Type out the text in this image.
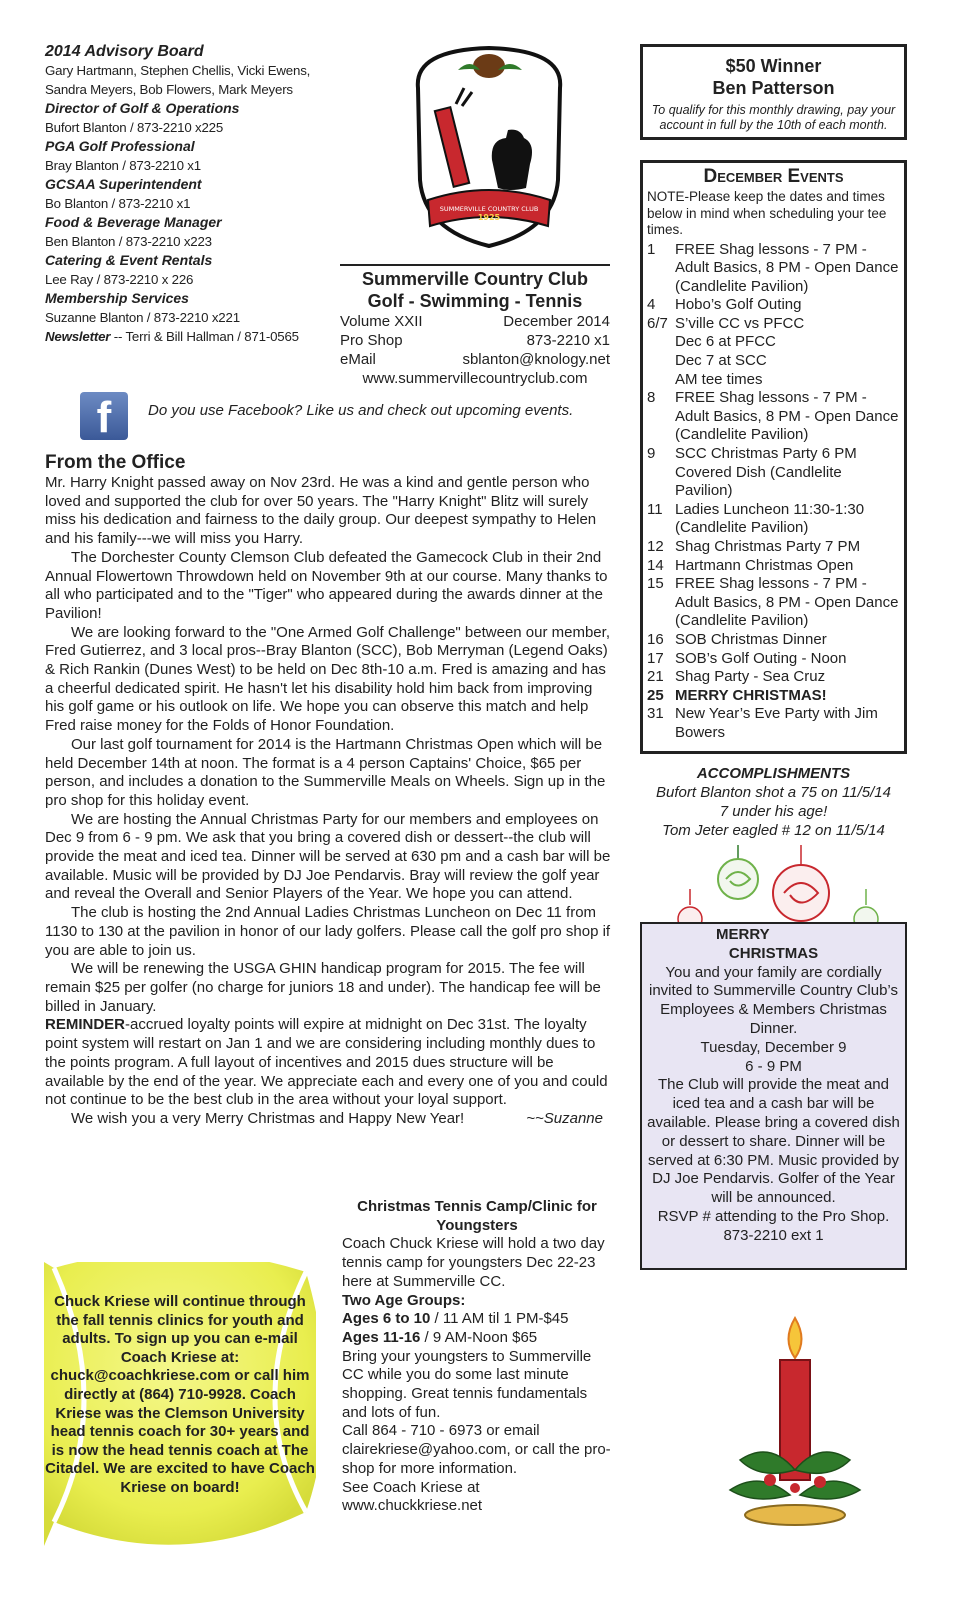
2014 Advisory Board
Gary Hartmann, Stephen Chellis, Vicki Ewens, Sandra Meyers, Bob Flowers, Mark Meyers
Director of Golf & Operations
Bufort Blanton / 873-2210 x225
PGA Golf Professional
Bray Blanton / 873-2210 x1
GCSAA Superintendent
Bo Blanton / 873-2210 x1
Food & Beverage Manager
Ben Blanton / 873-2210 x223
Catering & Event Rentals
Lee Ray / 873-2210 x 226
Membership Services
Suzanne Blanton / 873-2210 x221
Newsletter -- Terri & Bill Hallman / 871-0565
SUMMERVILLE COUNTRY CLUB
1925
Summerville Country Club
Golf - Swimming - Tennis
Volume XXII	December 2014
Pro Shop	873-2210 x1
eMail	sblanton@knology.net
www.summervillecountryclub.com
f	Do you use Facebook? Like us and check out upcoming events.
From the Office

Mr. Harry Knight passed away on Nov 23rd. He was a kind and gentle person who loved and supported the club for over 50 years. The "Harry Knight" Blitz will surely miss his dedication and fairness to the daily group. Our deepest sympathy to Helen and his family---we will miss you Harry.

The Dorchester County Clemson Club defeated the Gamecock Club in their 2nd Annual Flowertown Throwdown held on November 9th at our course. Many thanks to all who participated and to the "Tiger" who appeared during the awards dinner at the Pavilion!

We are looking forward to the "One Armed Golf Challenge" between our member, Fred Gutierrez, and 3 local pros--Bray Blanton (SCC), Bob Merryman (Legend Oaks) & Rich Rankin (Dunes West) to be held on Dec 8th-10 a.m. Fred is amazing and has a cheerful dedicated spirit. He hasn't let his disability hold him back from improving his golf game or his outlook on life. We hope you can observe this match and help Fred raise money for the Folds of Honor Foundation.

Our last golf tournament for 2014 is the Hartmann Christmas Open which will be held December 14th at noon. The format is a 4 person Captains' Choice, $65 per person, and includes a donation to the Summerville Meals on Wheels. Sign up in the pro shop for this holiday event.

We are hosting the Annual Christmas Party for our members and employees on Dec 9 from 6 - 9 pm. We ask that you bring a covered dish or dessert--the club will provide the meat and iced tea. Dinner will be served at 630 pm and a cash bar will be available. Music will be provided by DJ Joe Pendarvis. Bray will review the golf year and reveal the Overall and Senior Players of the Year. We hope you can attend.

The club is hosting the 2nd Annual Ladies Christmas Luncheon on Dec 11 from 1130 to 130 at the pavilion in honor of our lady golfers. Please call the golf pro shop if you are able to join us.

We will be renewing the USGA GHIN handicap program for 2015. The fee will remain $25 per golfer (no charge for juniors 18 and under). The handicap fee will be billed in January.

REMINDER-accrued loyalty points will expire at midnight on Dec 31st. The loyalty point system will restart on Jan 1 and we are considering including monthly dues to the points program. A full layout of incentives and 2015 dues structure will be available by the end of the year. We appreciate each and every one of you and could not continue to be the best club in the area without your loyal support.

We wish you a very Merry Christmas and Happy New Year!	~~Suzanne

$50 Winner
Ben Patterson
To qualify for this monthly drawing, pay your account in full by the 10th of each month.
December Events
NOTE-Please keep the dates and times below in mind when scheduling your tee times.
1	FREE Shag lessons - 7 PM - Adult Basics, 8 PM - Open Dance (Candlelite Pavilion)
4	Hobo’s Golf Outing
6/7 S’ville CC vs PFCC
Dec 6 at PFCC
Dec 7 at SCC
AM tee times
8	FREE Shag lessons - 7 PM - Adult Basics, 8 PM - Open Dance (Candlelite Pavilion)
9	SCC Christmas Party 6 PM Covered Dish (Candlelite Pavilion)
11 Ladies Luncheon 11:30-1:30 (Candlelite Pavilion)
12 Shag Christmas Party 7 PM
14 Hartmann Christmas Open
15 FREE Shag lessons - 7 PM - Adult Basics, 8 PM - Open Dance (Candlelite Pavilion)
16 SOB Christmas Dinner
17 SOB’s Golf Outing - Noon
21 Shag Party - Sea Cruz
25 MERRY CHRISTMAS!
31 New Year’s Eve Party with Jim Bowers
ACCOMPLISHMENTS
Bufort Blanton shot a 75 on 11/5/14
7 under his age!
Tom Jeter eagled # 12 on 11/5/14
MERRY
CHRISTMAS
You and your family are cordially invited to Summerville Country Club’s Employees & Members Christmas Dinner.
Tuesday, December 9
6 - 9 PM
The Club will provide the meat and iced tea and a cash bar will be available. Please bring a covered dish or dessert to share. Dinner will be served at 6:30 PM. Music provided by DJ Joe Pendarvis. Golfer of the Year will be announced.
RSVP # attending to the Pro Shop. 873-2210 ext 1
Christmas Tennis Camp/Clinic for Youngsters
Coach Chuck Kriese will hold a two day tennis camp for youngsters Dec 22-23 here at Summerville CC.
Two Age Groups:
Ages 6 to 10 / 11 AM til 1 PM-$45
Ages 11-16 / 9 AM-Noon $65
Bring your youngsters to Summerville CC while you do some last minute shopping. Great tennis fundamentals and lots of fun.
Call 864 - 710 - 6973 or email clairekriese@yahoo.com, or call the pro-shop for more information.
See Coach Kriese at www.chuckkriese.net
Chuck Kriese will continue through the fall tennis clinics for youth and adults. To sign up you can e-mail Coach Kriese at: chuck@coachkriese.com or call him directly at (864) 710-9928. Coach Kriese was the Clemson University head tennis coach for 30+ years and is now the head tennis coach at The Citadel. We are excited to have Coach Kriese on board!
